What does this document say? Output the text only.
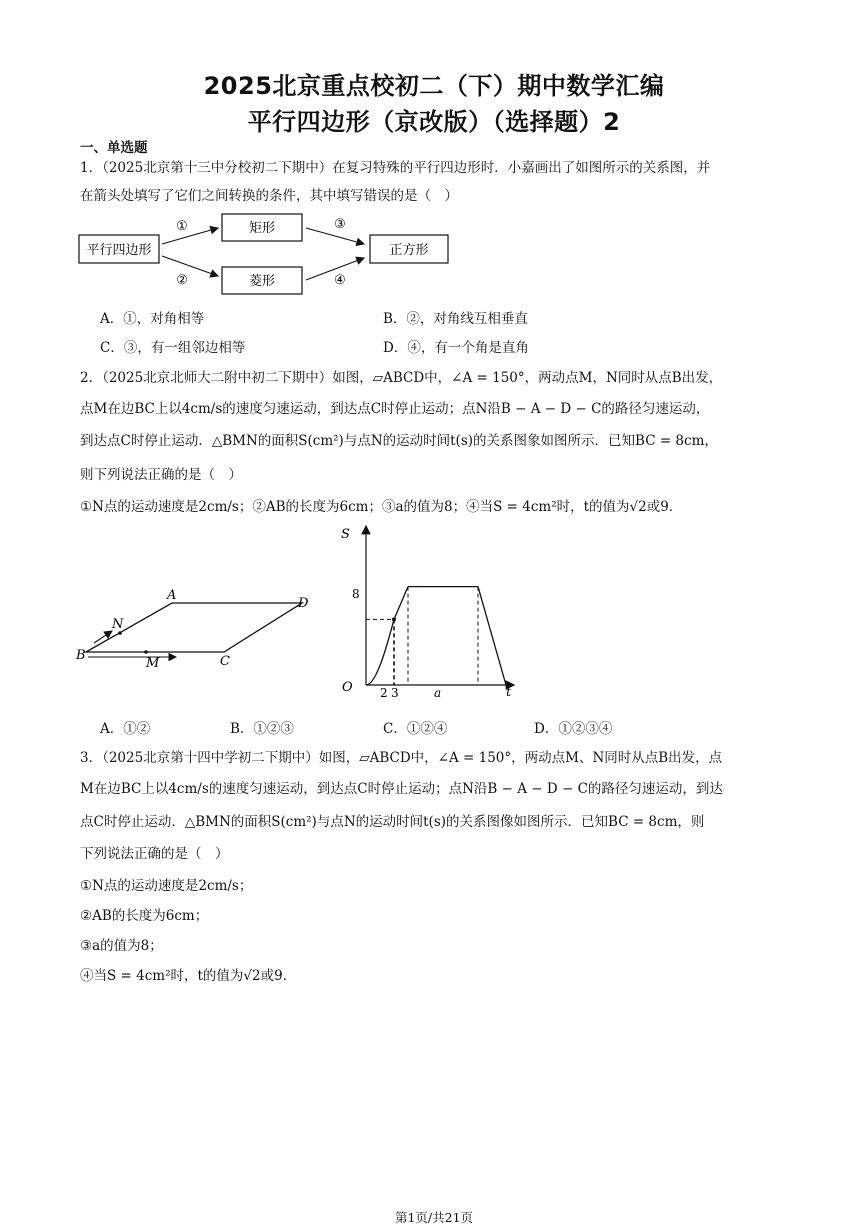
2025北京重点校初二（下）期中数学汇编
平行四边形（京改版）（选择题）2
一、单选题
1．（2025北京第十三中分校初二下期中）在复习特殊的平行四边形时．小嘉画出了如图所示的关系图，并
在箭头处填写了它们之间转换的条件，其中填写错误的是（　）
平行四边形
矩形
菱形
正方形
①
②
③
④
A．①，对角相等	B．②，对角线互相垂直
C．③，有一组邻边相等	D．④，有一个角是直角
2．（2025北京北师大二附中初二下期中）如图，▱ABCD中，∠A = 150°，两动点M，N同时从点B出发，
点M在边BC上以4cm/s的速度匀速运动，到达点C时停止运动；点N沿B − A − D − C的路径匀速运动，
到达点C时停止运动．△BMN的面积S(cm²)与点N的运动时间t(s)的关系图象如图所示．已知BC = 8cm，
则下列说法正确的是（　）
①N点的运动速度是2cm/s；②AB的长度为6cm；③a的值为8；④当S = 4cm²时，t的值为√2或9．
A
B	C
D
N
M
S
t
O
8
2 3	a
A．①②	B．①②③	C．①②④	D．①②③④
3．（2025北京第十四中学初二下期中）如图，▱ABCD中，∠A = 150°，两动点M、N同时从点B出发，点
M在边BC上以4cm/s的速度匀速运动，到达点C时停止运动；点N沿B − A − D − C的路径匀速运动，到达
点C时停止运动．△BMN的面积S(cm²)与点N的运动时间t(s)的关系图像如图所示．已知BC = 8cm，则
下列说法正确的是（　）
①N点的运动速度是2cm/s；
②AB的长度为6cm；
③a的值为8；
④当S = 4cm²时，t的值为√2或9．
第1页/共21页
